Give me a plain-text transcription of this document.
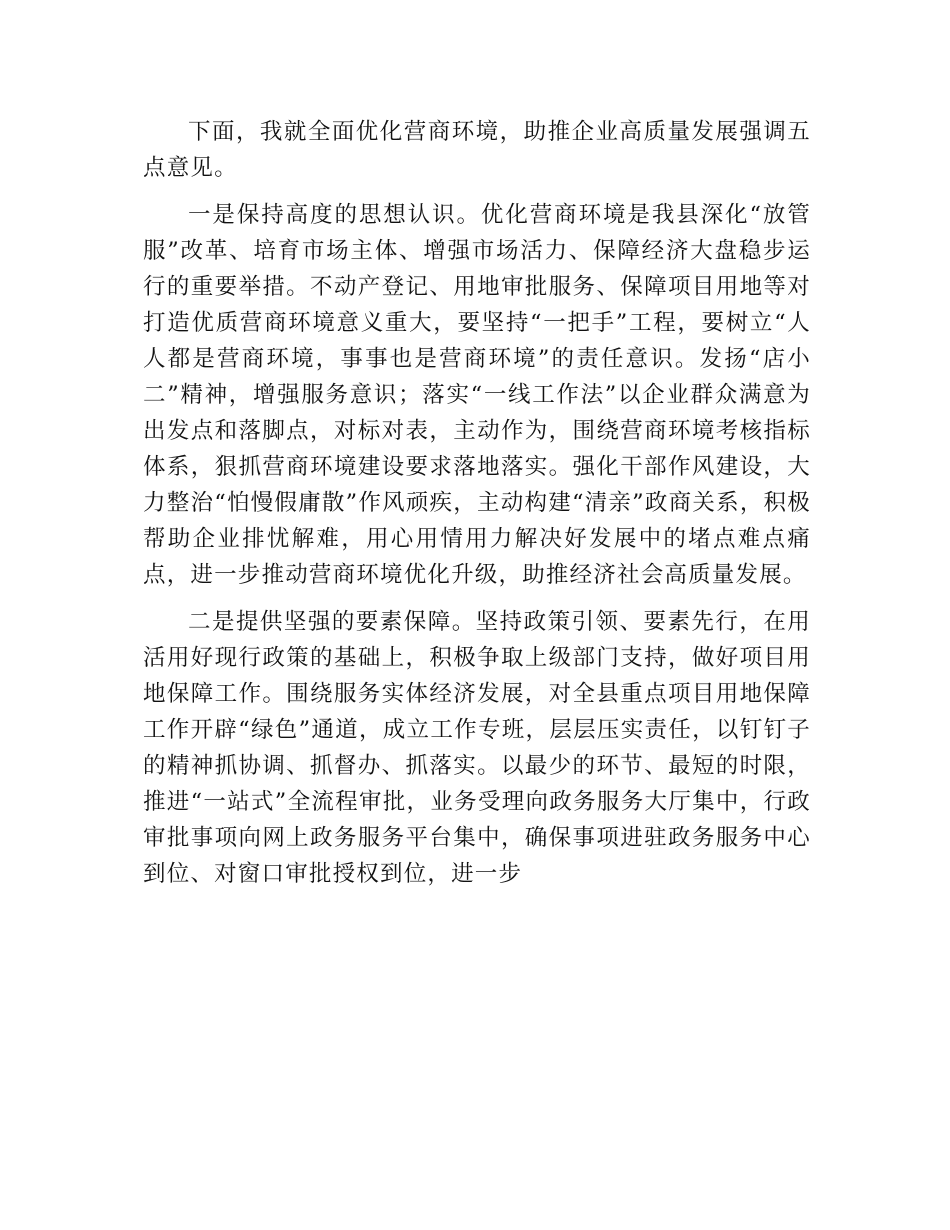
下面，我就全面优化营商环境，助推企业高质量发展强调五点意见。

一是保持高度的思想认识。优化营商环境是我县深化“放管服”改革、培育市场主体、增强市场活力、保障经济大盘稳步运行的重要举措。不动产登记、用地审批服务、保障项目用地等对打造优质营商环境意义重大，要坚持“一把手”工程，要树立“人人都是营商环境，事事也是营商环境”的责任意识。发扬“店小二”精神，增强服务意识；落实“一线工作法”以企业群众满意为出发点和落脚点，对标对表，主动作为，围绕营商环境考核指标体系，狠抓营商环境建设要求落地落实。强化干部作风建设，大力整治“怕慢假庸散”作风顽疾，主动构建“清亲”政商关系，积极帮助企业排忧解难，用心用情用力解决好发展中的堵点难点痛点，进一步推动营商环境优化升级，助推经济社会高质量发展。

二是提供坚强的要素保障。坚持政策引领、要素先行，在用活用好现行政策的基础上，积极争取上级部门支持，做好项目用地保障工作。围绕服务实体经济发展，对全县重点项目用地保障工作开辟“绿色”通道，成立工作专班，层层压实责任，以钉钉子的精神抓协调、抓督办、抓落实。以最少的环节、最短的时限，推进“一站式”全流程审批，业务受理向政务服务大厅集中，行政审批事项向网上政务服务平台集中，确保事项进驻政务服务中心到位、对窗口审批授权到位，进一步
